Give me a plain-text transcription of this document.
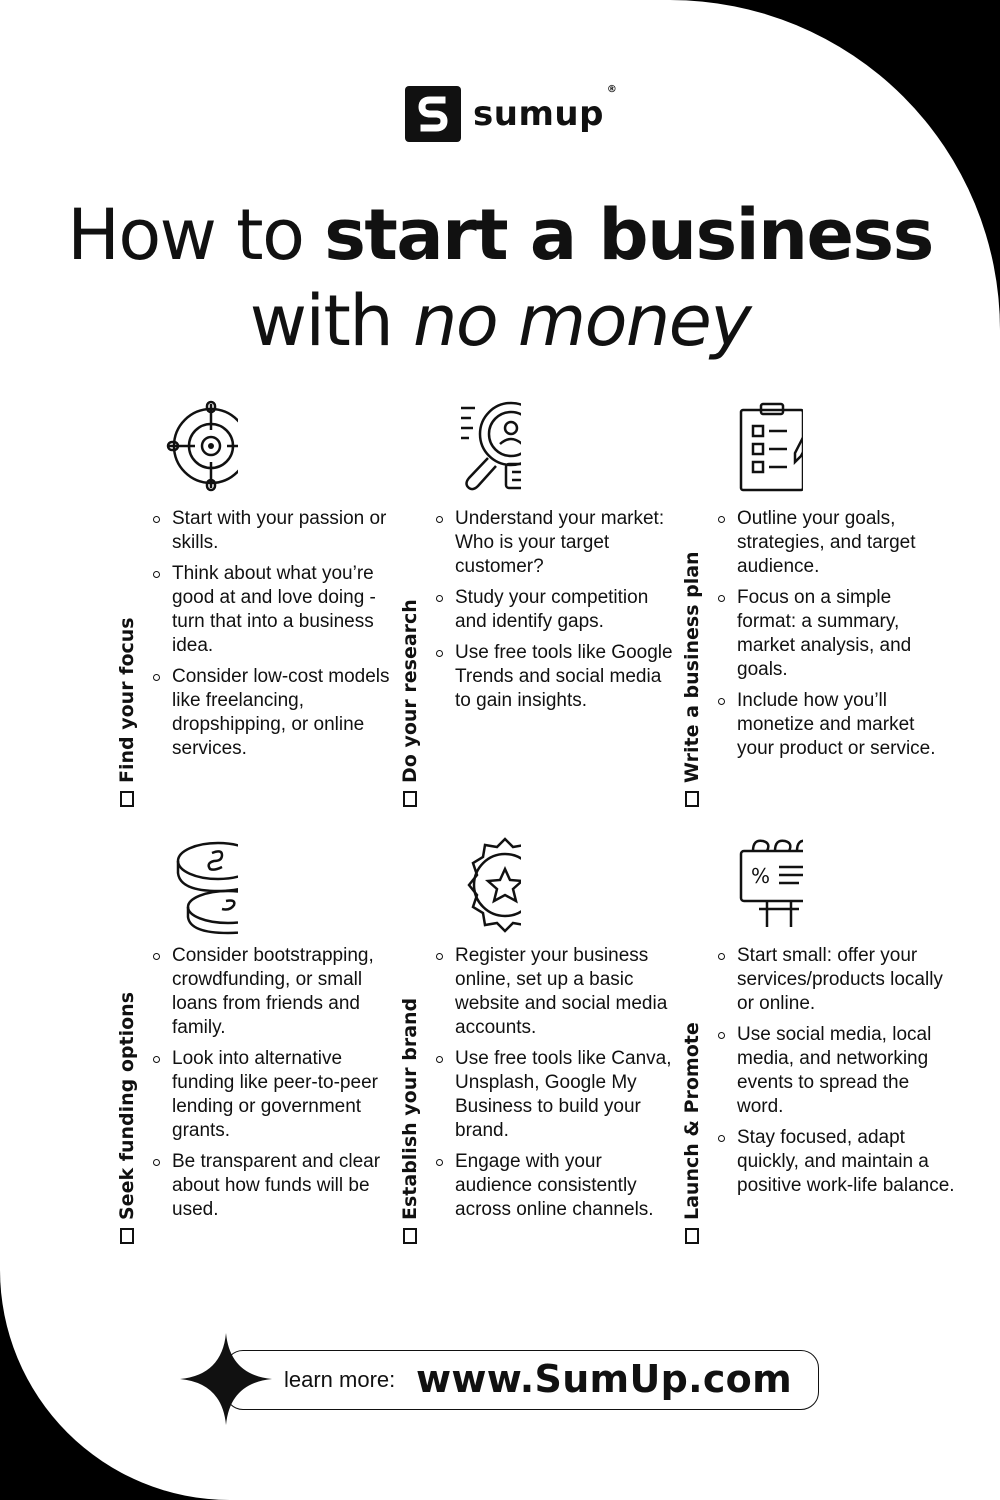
sumup®
How to start a business
with no money
Find your focus
Start with your passion or skills.
Think about what you’re good at and love doing - turn that into a business idea.
Consider low-cost models like freelancing, dropshipping, or online services.	Do your research
Understand your market: Who is your target customer?
Study your competition and identify gaps.
Use free tools like Google Trends and social media to gain insights.	Write a business plan
Outline your goals, strategies, and target audience.
Focus on a simple format: a summary, market analysis, and goals.
Include how you’ll monetize and market your product or service.
Seek funding options
Consider bootstrapping, crowdfunding, or small loans from friends and family.
Look into alternative funding like peer-to-peer lending or government grants.
Be transparent and clear about how funds will be used.	Establish your brand
Register your business online, set up a basic website and social media accounts.
Use free tools like Canva, Unsplash, Google My Business to build your brand.
Engage with your audience consistently across online channels.
%
Launch & Promote
Start small: offer your services/products locally or online.
Use social media, local media, and networking events to spread the word.
Stay focused, adapt quickly, and maintain a positive work-life balance.
learn more: www.SumUp.com
